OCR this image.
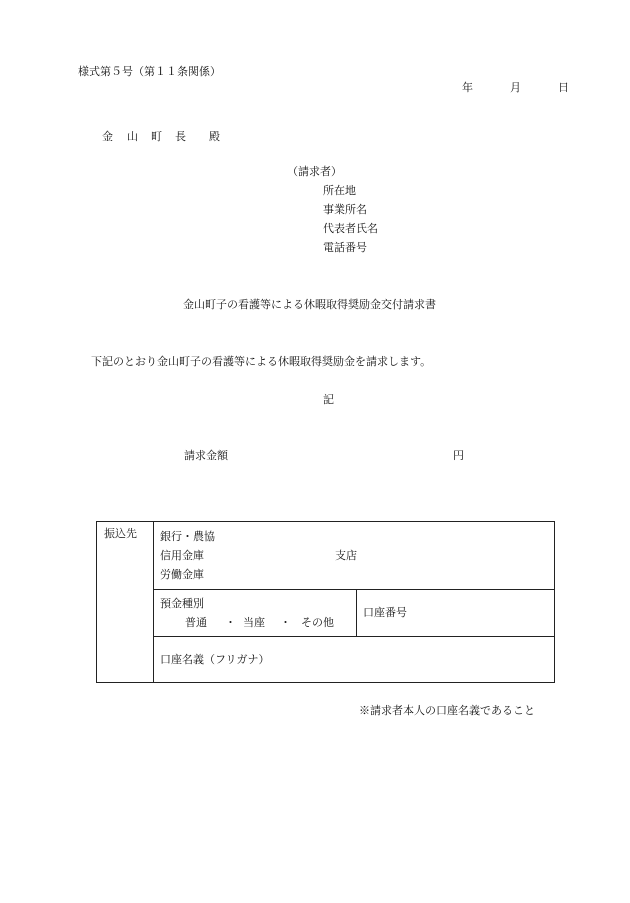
様式第５号（第１１条関係）
年	月	日
金 山 町 長 殿
（請求者）
所在地
事業所名
代表者氏名
電話番号
金山町子の看護等による休暇取得奨励金交付請求書
下記のとおり金山町子の看護等による休暇取得奨励金を請求します。
記
請求金額	円
振込先 銀行・農協
信用金庫	支店
労働金庫
預金種別
普通 ・ 当座 ・ その他
口座番号
口座名義（フリガナ）
※請求者本人の口座名義であること
